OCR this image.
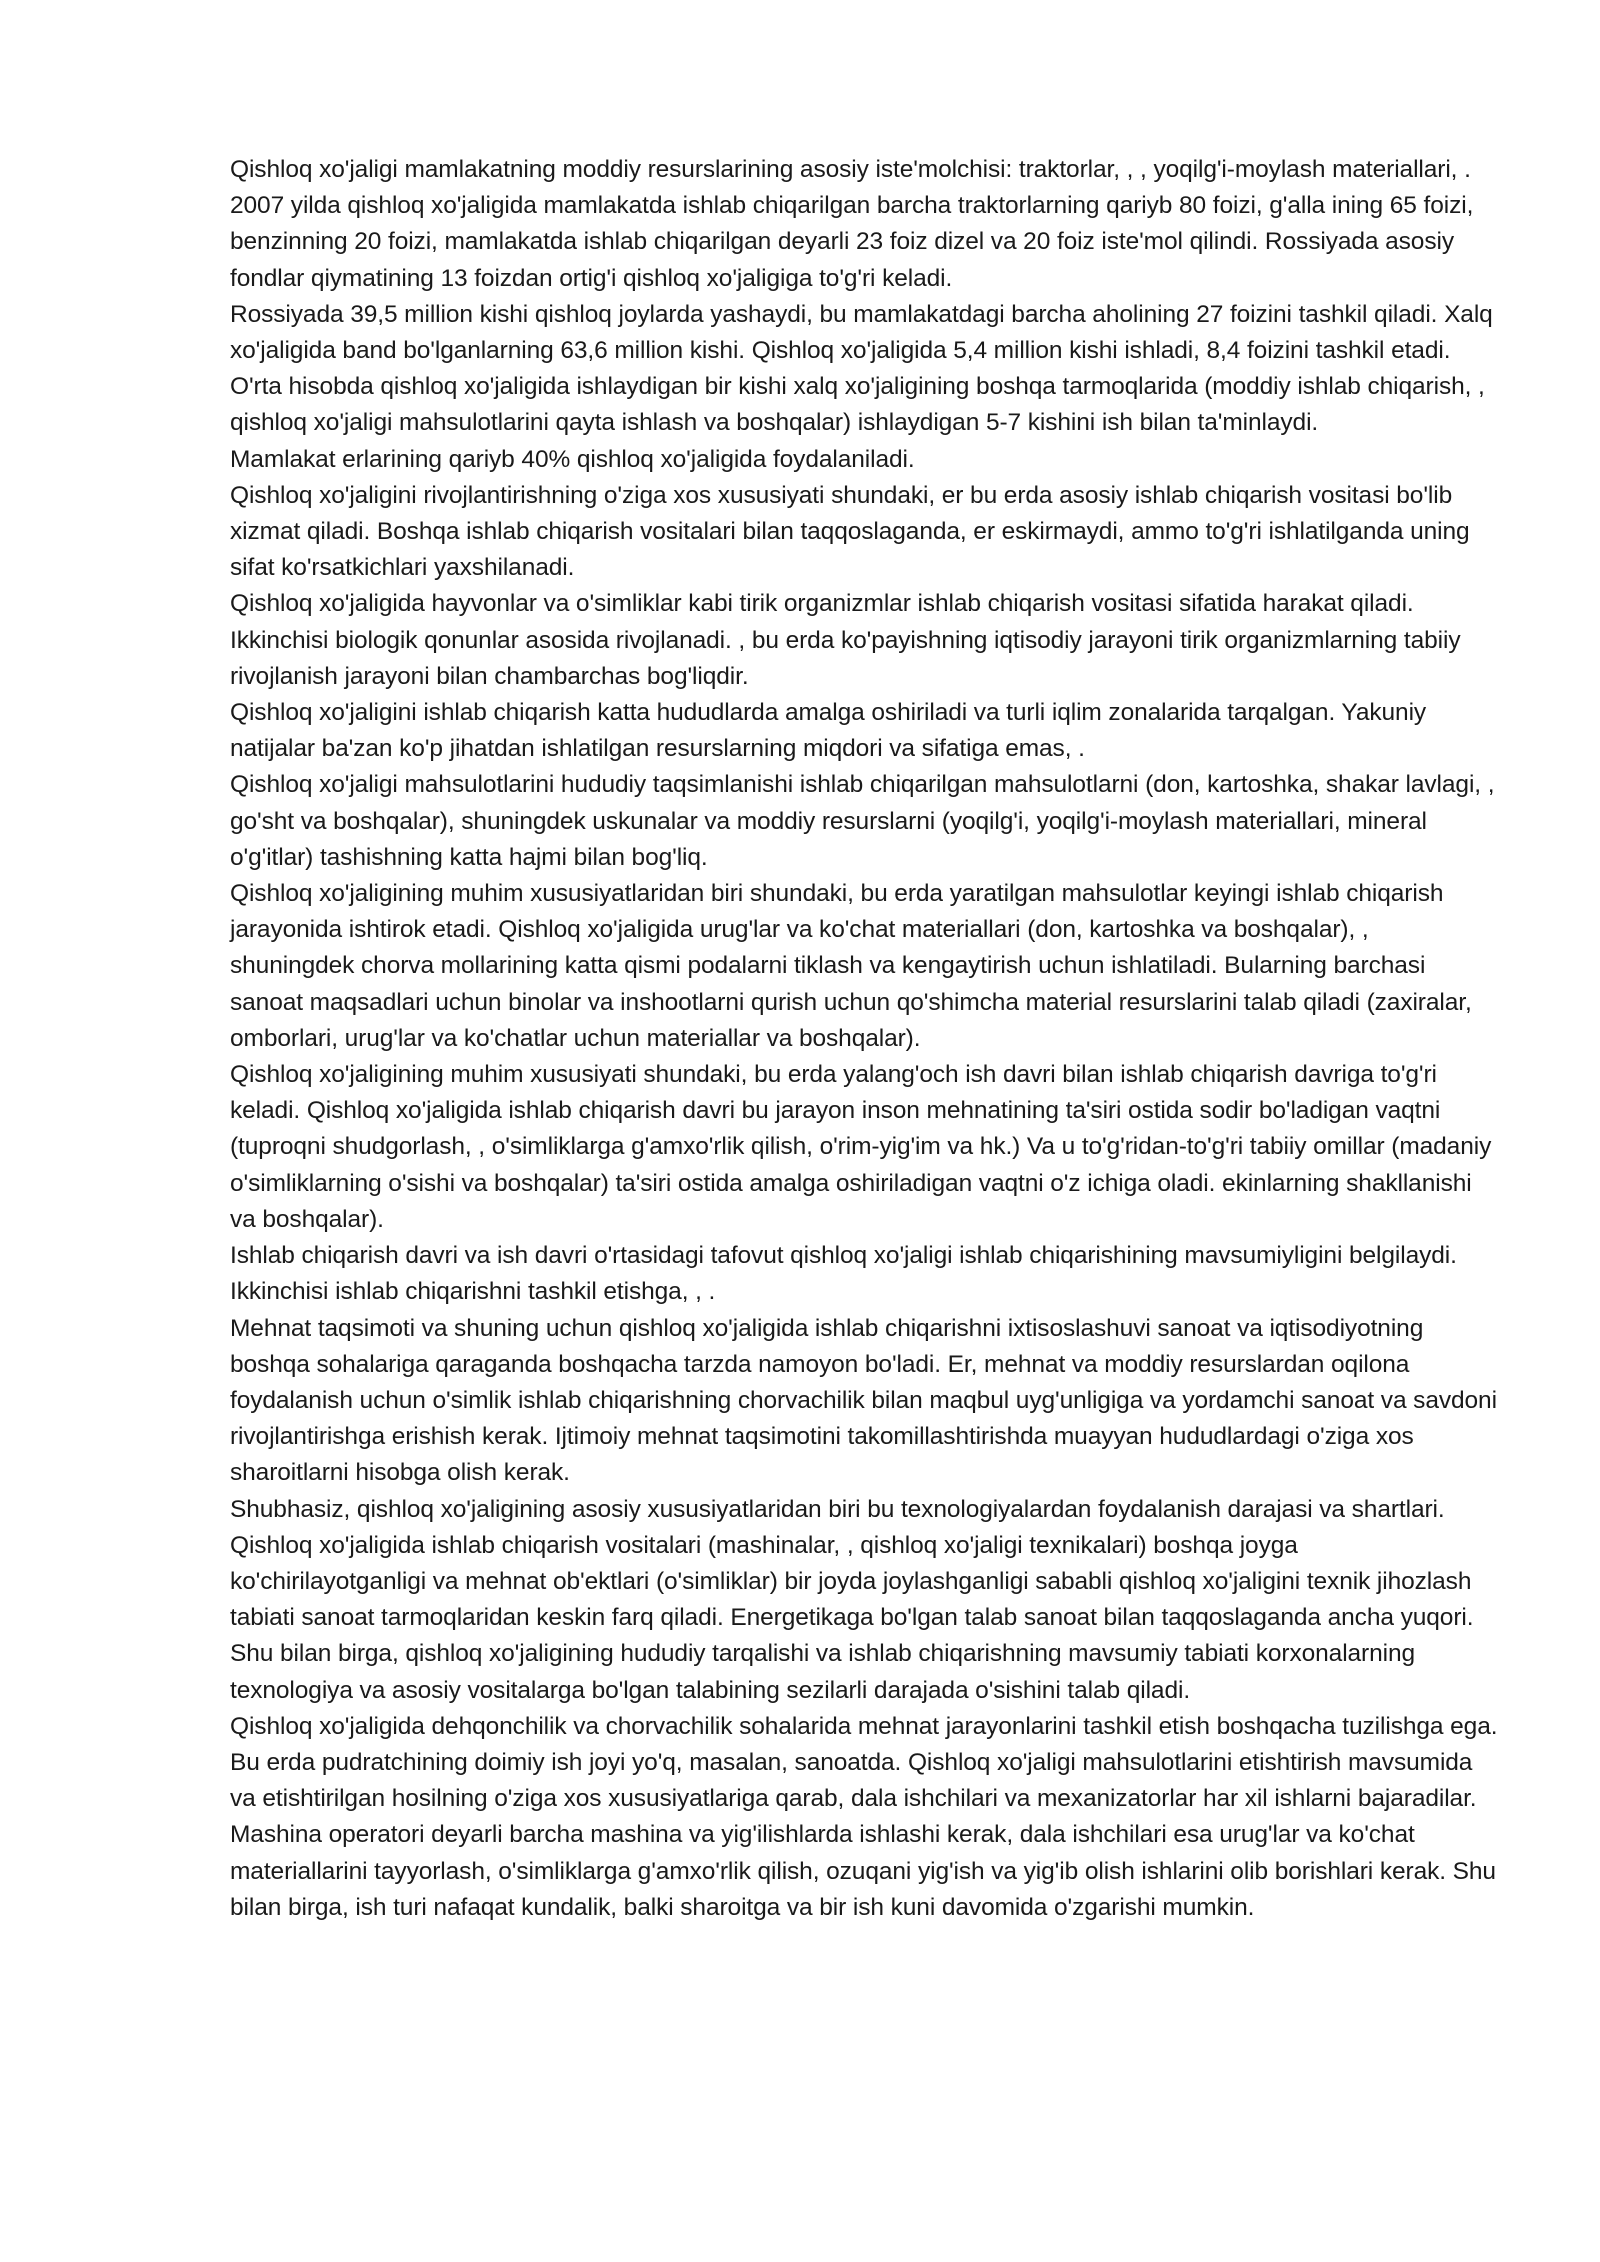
Qishloq xo'jaligi mamlakatning moddiy resurslarining asosiy iste'molchisi: traktorlar, , , yoqilg'i-moylash materiallari, . 2007 yilda qishloq xo'jaligida mamlakatda ishlab chiqarilgan barcha traktorlarning qariyb 80 foizi, g'alla ining 65 foizi, benzinning 20 foizi, mamlakatda ishlab chiqarilgan deyarli 23 foiz dizel va 20 foiz iste'mol qilindi. Rossiyada asosiy fondlar qiymatining 13 foizdan ortig'i qishloq xo'jaligiga to'g'ri keladi.

Rossiyada 39,5 million kishi qishloq joylarda yashaydi, bu mamlakatdagi barcha aholining 27 foizini tashkil qiladi. Xalq xo'jaligida band bo'lganlarning 63,6 million kishi. Qishloq xo'jaligida 5,4 million kishi ishladi, 8,4 foizini tashkil etadi. O'rta hisobda qishloq xo'jaligida ishlaydigan bir kishi xalq xo'jaligining boshqa tarmoqlarida (moddiy ishlab chiqarish, , qishloq xo'jaligi mahsulotlarini qayta ishlash va boshqalar) ishlaydigan 5-7 kishini ish bilan ta'minlaydi.

Mamlakat erlarining qariyb 40% qishloq xo'jaligida foydalaniladi.

Qishloq xo'jaligini rivojlantirishning o'ziga xos xususiyati shundaki, er bu erda asosiy ishlab chiqarish vositasi bo'lib xizmat qiladi. Boshqa ishlab chiqarish vositalari bilan taqqoslaganda, er eskirmaydi, ammo to'g'ri ishlatilganda uning sifat ko'rsatkichlari yaxshilanadi.

Qishloq xo'jaligida hayvonlar va o'simliklar kabi tirik organizmlar ishlab chiqarish vositasi sifatida harakat qiladi. Ikkinchisi biologik qonunlar asosida rivojlanadi. , bu erda ko'payishning iqtisodiy jarayoni tirik organizmlarning tabiiy rivojlanish jarayoni bilan chambarchas bog'liqdir.

Qishloq xo'jaligini ishlab chiqarish katta hududlarda amalga oshiriladi va turli iqlim zonalarida tarqalgan. Yakuniy natijalar ba'zan ko'p jihatdan ishlatilgan resurslarning miqdori va sifatiga emas, .

Qishloq xo'jaligi mahsulotlarini hududiy taqsimlanishi ishlab chiqarilgan mahsulotlarni (don, kartoshka, shakar lavlagi, , go'sht va boshqalar), shuningdek uskunalar va moddiy resurslarni (yoqilg'i, yoqilg'i-moylash materiallari, mineral o'g'itlar) tashishning katta hajmi bilan bog'liq.

Qishloq xo'jaligining muhim xususiyatlaridan biri shundaki, bu erda yaratilgan mahsulotlar keyingi ishlab chiqarish jarayonida ishtirok etadi. Qishloq xo'jaligida urug'lar va ko'chat materiallari (don, kartoshka va boshqalar), , shuningdek chorva mollarining katta qismi podalarni tiklash va kengaytirish uchun ishlatiladi. Bularning barchasi sanoat maqsadlari uchun binolar va inshootlarni qurish uchun qo'shimcha material resurslarini talab qiladi (zaxiralar, omborlari, urug'lar va ko'chatlar uchun materiallar va boshqalar).

Qishloq xo'jaligining muhim xususiyati shundaki, bu erda yalang'och ish davri bilan ishlab chiqarish davriga to'g'ri keladi. Qishloq xo'jaligida ishlab chiqarish davri bu jarayon inson mehnatining ta'siri ostida sodir bo'ladigan vaqtni (tuproqni shudgorlash, , o'simliklarga g'amxo'rlik qilish, o'rim-yig'im va hk.) Va u to'g'ridan-to'g'ri tabiiy omillar (madaniy o'simliklarning o'sishi va boshqalar) ta'siri ostida amalga oshiriladigan vaqtni o'z ichiga oladi. ekinlarning shakllanishi va boshqalar).

Ishlab chiqarish davri va ish davri o'rtasidagi tafovut qishloq xo'jaligi ishlab chiqarishining mavsumiyligini belgilaydi. Ikkinchisi ishlab chiqarishni tashkil etishga, , .

Mehnat taqsimoti va shuning uchun qishloq xo'jaligida ishlab chiqarishni ixtisoslashuvi sanoat va iqtisodiyotning boshqa sohalariga qaraganda boshqacha tarzda namoyon bo'ladi. Er, mehnat va moddiy resurslardan oqilona foydalanish uchun o'simlik ishlab chiqarishning chorvachilik bilan maqbul uyg'unligiga va yordamchi sanoat va savdoni rivojlantirishga erishish kerak. Ijtimoiy mehnat taqsimotini takomillashtirishda muayyan hududlardagi o'ziga xos sharoitlarni hisobga olish kerak.

Shubhasiz, qishloq xo'jaligining asosiy xususiyatlaridan biri bu texnologiyalardan foydalanish darajasi va shartlari. Qishloq xo'jaligida ishlab chiqarish vositalari (mashinalar, , qishloq xo'jaligi texnikalari) boshqa joyga ko'chirilayotganligi va mehnat ob'ektlari (o'simliklar) bir joyda joylashganligi sababli qishloq xo'jaligini texnik jihozlash tabiati sanoat tarmoqlaridan keskin farq qiladi. Energetikaga bo'lgan talab sanoat bilan taqqoslaganda ancha yuqori. Shu bilan birga, qishloq xo'jaligining hududiy tarqalishi va ishlab chiqarishning mavsumiy tabiati korxonalarning texnologiya va asosiy vositalarga bo'lgan talabining sezilarli darajada o'sishini talab qiladi.

Qishloq xo'jaligida dehqonchilik va chorvachilik sohalarida mehnat jarayonlarini tashkil etish boshqacha tuzilishga ega. Bu erda pudratchining doimiy ish joyi yo'q, masalan, sanoatda. Qishloq xo'jaligi mahsulotlarini etishtirish mavsumida va etishtirilgan hosilning o'ziga xos xususiyatlariga qarab, dala ishchilari va mexanizatorlar har xil ishlarni bajaradilar. Mashina operatori deyarli barcha mashina va yig'ilishlarda ishlashi kerak, dala ishchilari esa urug'lar va ko'chat materiallarini tayyorlash, o'simliklarga g'amxo'rlik qilish, ozuqani yig'ish va yig'ib olish ishlarini olib borishlari kerak. Shu bilan birga, ish turi nafaqat kundalik, balki sharoitga va bir ish kuni davomida o'zgarishi mumkin.
